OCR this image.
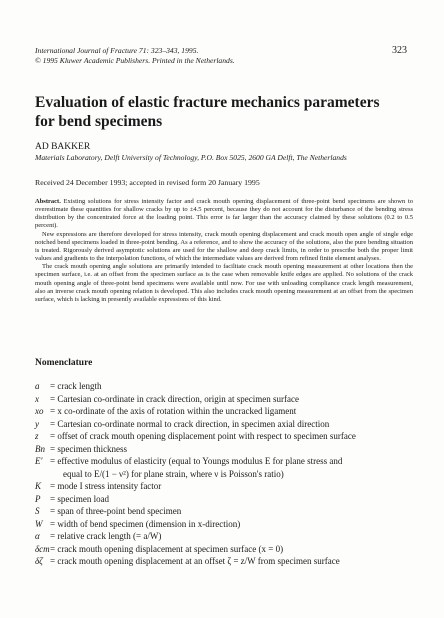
International Journal of Fracture 71: 323–343, 1995.
© 1995 Kluwer Academic Publishers. Printed in the Netherlands.
323
Evaluation of elastic fracture mechanics parameters
for bend specimens
AD BAKKER
Materials Laboratory, Delft University of Technology, P.O. Box 5025, 2600 GA Delft, The Netherlands
Received 24 December 1993; accepted in revised form 20 January 1995

Abstract. Existing solutions for stress intensity factor and crack mouth opening displacement of three-point bend specimens are shown to overestimate these quantities for shallow cracks by up to ±4.5 percent, because they do not account for the disturbance of the bending stress distribution by the concentrated force at the loading point. This error is far larger than the accuracy claimed by these solutions (0.2 to 0.5 percent).

New expressions are therefore developed for stress intensity, crack mouth opening displacement and crack mouth open angle of single edge notched bend specimens loaded in three-point bending. As a reference, and to show the accuracy of the solutions, also the pure bending situation is treated. Rigorously derived asymptotic solutions are used for the shallow and deep crack limits, in order to prescribe both the proper limit values and gradients to the interpolation functions, of which the intermediate values are derived from refined finite element analyses.

The crack mouth opening angle solutions are primarily intended to facilitate crack mouth opening measurement at other locations then the specimen surface, i.e. at an offset from the specimen surface as is the case when removable knife edges are applied. No solutions of the crack mouth opening angle of three-point bend specimens were available until now. For use with unloading compliance crack length measurement, also an inverse crack mouth opening relation is developed. This also includes crack mouth opening measurement at an offset from the specimen surface, which is lacking in presently available expressions of this kind.

Nomenclature
a	= crack length
x	= Cartesian co-ordinate in crack direction, origin at specimen surface
xo = x co-ordinate of the axis of rotation within the uncracked ligament
y	= Cartesian co-ordinate normal to crack direction, in specimen axial direction
z	= offset of crack mouth opening displacement point with respect to specimen surface
Bn = specimen thickness
E' = effective modulus of elasticity (equal to Youngs modulus E for plane stress and
equal to E/(1 − ν²) for plane strain, where ν is Poisson's ratio)
K = mode I stress intensity factor
P	= specimen load
S	= span of three-point bend specimen
W = width of bend specimen (dimension in x-direction)
α	= relative crack length (= a/W)
δcm = crack mouth opening displacement at specimen surface (x = 0)
δζ = crack mouth opening displacement at an offset ζ = z/W from specimen surface
